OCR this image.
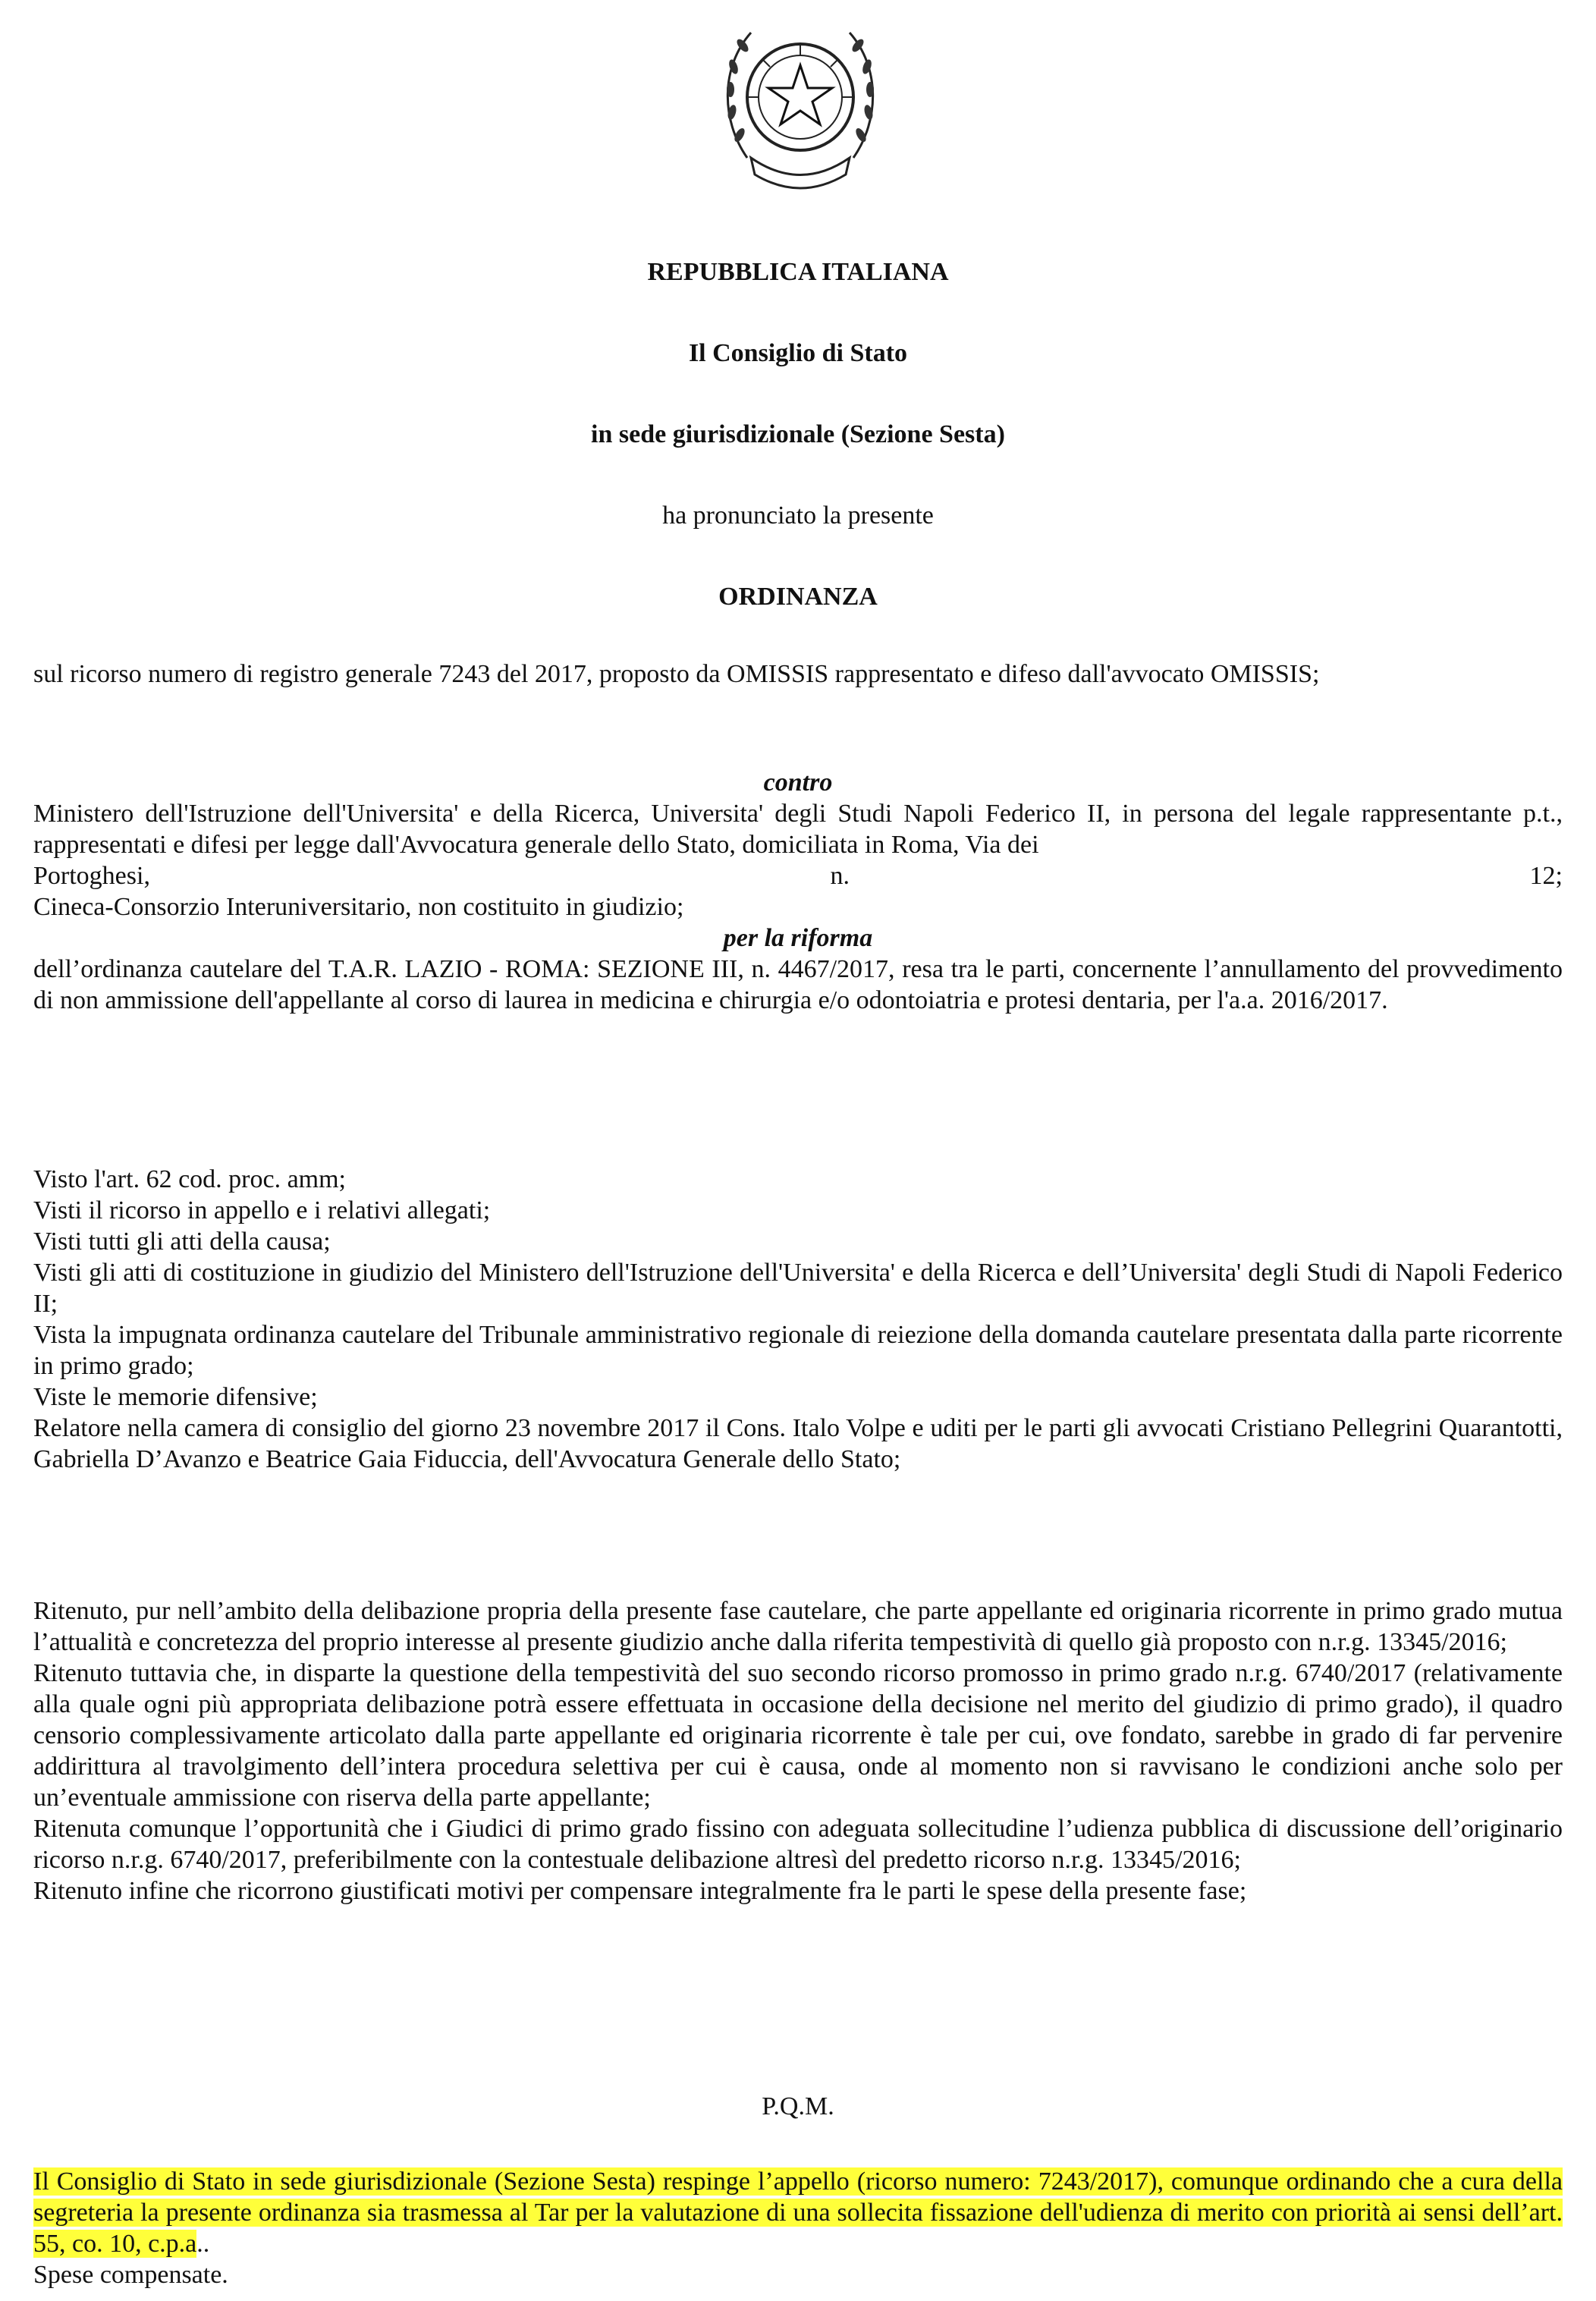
REPUBBLICA ITALIANA

Il Consiglio di Stato

in sede giurisdizionale (Sezione Sesta)

ha pronunciato la presente

ORDINANZA

sul ricorso numero di registro generale 7243 del 2017, proposto da OMISSIS rappresentato e difeso dall'avvocato OMISSIS;

contro

Ministero dell'Istruzione dell'Universita' e della Ricerca, Universita' degli Studi Napoli Federico II, in persona del legale rappresentante p.t., rappresentati e difesi per legge dall'Avvocatura generale dello Stato, domiciliata in Roma, Via dei

Portoghesi,	n.	12;

Cineca-Consorzio Interuniversitario, non costituito in giudizio;

per la riforma

dell’ordinanza cautelare del T.A.R. LAZIO - ROMA: SEZIONE III, n. 4467/2017, resa tra le parti, concernente l’annullamento del provvedimento di non ammissione dell'appellante al corso di laurea in medicina e chirurgia e/o odontoiatria e protesi dentaria, per l'a.a. 2016/2017.

Visto l'art. 62 cod. proc. amm;

Visti il ricorso in appello e i relativi allegati;

Visti tutti gli atti della causa;

Visti gli atti di costituzione in giudizio del Ministero dell'Istruzione dell'Universita' e della Ricerca e dell’Universita' degli Studi di Napoli Federico II;

Vista la impugnata ordinanza cautelare del Tribunale amministrativo regionale di reiezione della domanda cautelare presentata dalla parte ricorrente in primo grado;

Viste le memorie difensive;

Relatore nella camera di consiglio del giorno 23 novembre 2017 il Cons. Italo Volpe e uditi per le parti gli avvocati Cristiano Pellegrini Quarantotti, Gabriella D’Avanzo e Beatrice Gaia Fiduccia, dell'Avvocatura Generale dello Stato;

Ritenuto, pur nell’ambito della delibazione propria della presente fase cautelare, che parte appellante ed originaria ricorrente in primo grado mutua l’attualità e concretezza del proprio interesse al presente giudizio anche dalla riferita tempestività di quello già proposto con n.r.g. 13345/2016;

Ritenuto tuttavia che, in disparte la questione della tempestività del suo secondo ricorso promosso in primo grado n.r.g. 6740/2017 (relativamente alla quale ogni più appropriata delibazione potrà essere effettuata in occasione della decisione nel merito del giudizio di primo grado), il quadro censorio complessivamente articolato dalla parte appellante ed originaria ricorrente è tale per cui, ove fondato, sarebbe in grado di far pervenire addirittura al travolgimento dell’intera procedura selettiva per cui è causa, onde al momento non si ravvisano le condizioni anche solo per un’eventuale ammissione con riserva della parte appellante;

Ritenuta comunque l’opportunità che i Giudici di primo grado fissino con adeguata sollecitudine l’udienza pubblica di discussione dell’originario ricorso n.r.g. 6740/2017, preferibilmente con la contestuale delibazione altresì del predetto ricorso n.r.g. 13345/2016;

Ritenuto infine che ricorrono giustificati motivi per compensare integralmente fra le parti le spese della presente fase;

P.Q.M.

Il Consiglio di Stato in sede giurisdizionale (Sezione Sesta) respinge l’appello (ricorso numero: 7243/2017), comunque ordinando che a cura della segreteria la presente ordinanza sia trasmessa al Tar per la valutazione di una sollecita fissazione dell'udienza di merito con priorità ai sensi dell’art. 55, co. 10, c.p.a..

Spese compensate.
